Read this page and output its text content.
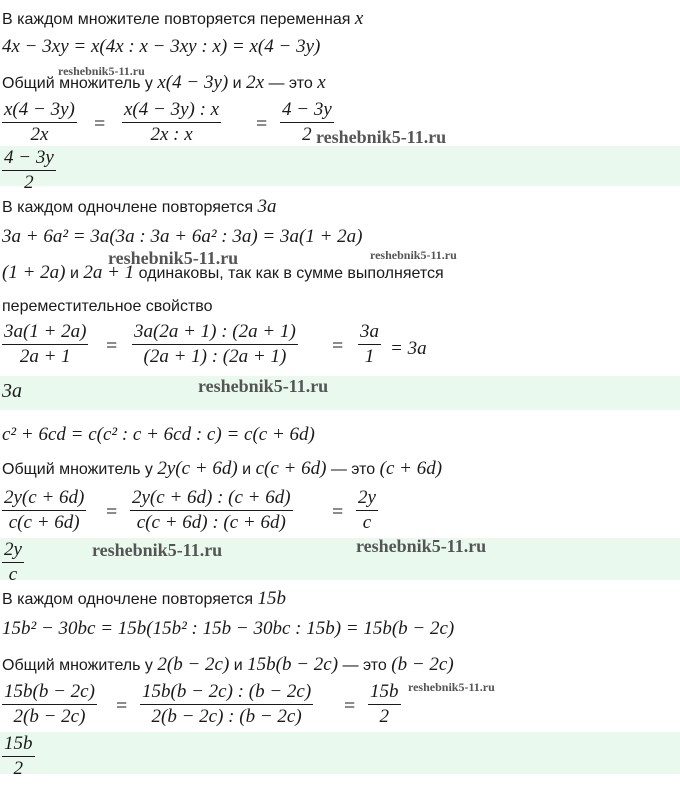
В каждом множителе повторяется переменная x
4x − 3xy = x(4x : x − 3xy : x) = x(4 − 3y)
Общий множитель у x(4 − 3y) и 2x — это x
$\frac{x(4 - 3y)}{2x} = \frac{x(4 - 3y) : x}{2x : x} = \frac{4 - 3y}{2}$
$\frac{4 - 3y}{2}$
В каждом одночлене повторяется 3a
3a + 6a² = 3a(3a : 3a + 6a² : 3a) = 3a(1 + 2a)
(1 + 2a) и 2a + 1 одинаковы, так как в сумме выполняется
переместительное свойство
$\frac{3a(1 + 2a)}{2a + 1} = \frac{3a(2a + 1) : (2a + 1)}{(2a + 1) : (2a + 1)} = \frac{3a}{1} = 3a$
3a
c² + 6cd = c(c² : c + 6cd : c) = c(c + 6d)
Общий множитель у 2y(c + 6d) и c(c + 6d) — это (c + 6d)
$\frac{2y(c + 6d)}{c(c + 6d)} = \frac{2y(c + 6d) : (c + 6d)}{c(c + 6d) : (c + 6d)} = \frac{2y}{c}$
$\frac{2y}{c}$
В каждом одночлене повторяется 15b
15b² − 30bc = 15b(15b² : 15b − 30bc : 15b) = 15b(b − 2c)
Общий множитель у 2(b − 2c) и 15b(b − 2c) — это (b − 2c)
$\frac{15b(b - 2c)}{2(b - 2c)} = \frac{15b(b - 2c) : (b - 2c)}{2(b - 2c) : (b - 2c)} = \frac{15b}{2}$
$\frac{15b}{2}$
reshebnik5-11.ru
reshebnik5-11.ru
reshebnik5-11.ru	reshebnik5-11.ru
reshebnik5-11.ru
reshebnik5-11.ru	reshebnik5-11.ru
reshebnik5-11.ru
